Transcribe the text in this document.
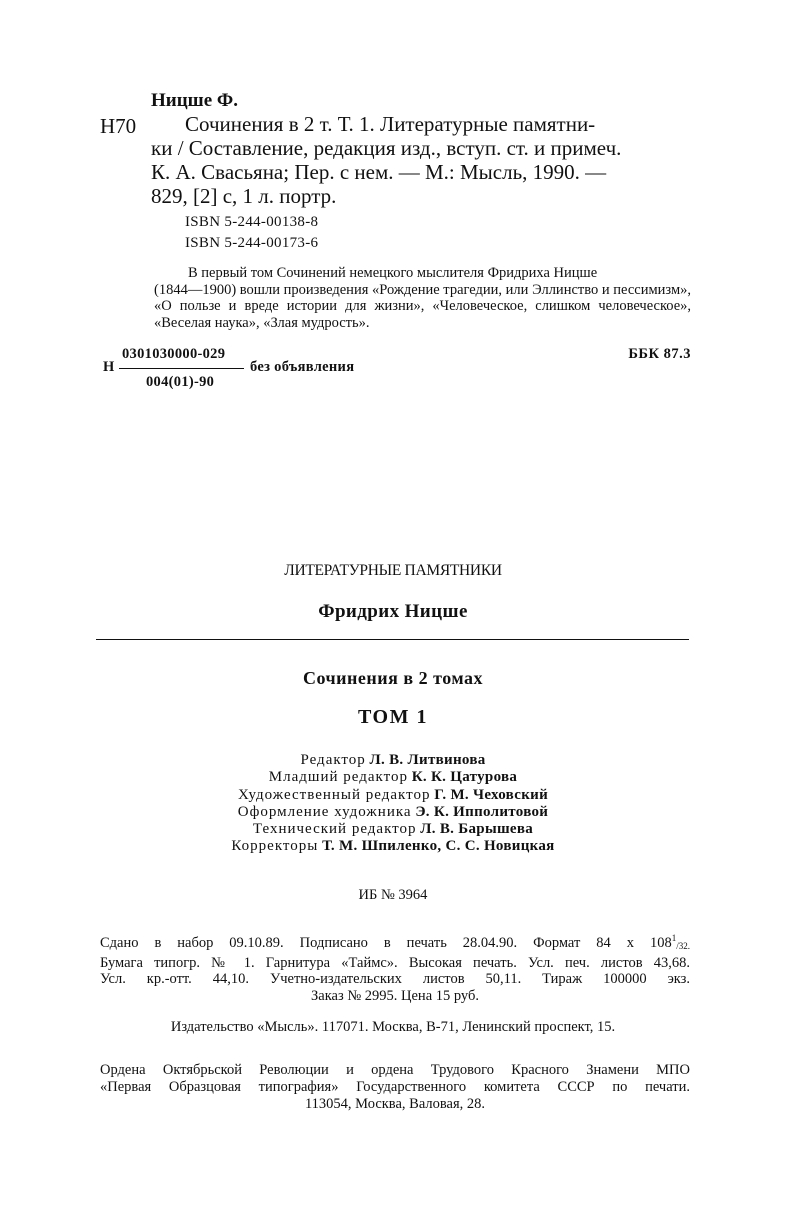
Ницше Ф.
Н70	Сочинения в 2 т. Т. 1. Литературные памятни-
ки / Составление, редакция изд., вступ. ст. и примеч.
К. А. Свасьяна; Пер. с нем. — М.: Мысль, 1990. —
829, [2] с, 1 л. портр.
ISBN 5-244-00138-8
ISBN 5-244-00173-6
В первый том Сочинений немецкого мыслителя Фридриха Ницше
(1844—1900) вошли произведения «Рождение трагедии, или Эллинство и пессимизм», «О пользе и вреде истории для жизни», «Человеческое, слишком человеческое», «Веселая наука», «Злая мудрость».
Н
0301030000-029
004(01)-90
без объявления
ББК 87.3
ЛИТЕРАТУРНЫЕ ПАМЯТНИКИ
Фридрих Ницше
Сочинения в 2 томах
ТОМ 1
Редактор Л. В. Литвинова
Младший редактор К. К. Цатурова
Художественный редактор Г. М. Чеховский
Оформление художника Э. К. Ипполитовой
Технический редактор Л. В. Барышева
Корректоры Т. М. Шпиленко, С. С. Новицкая
ИБ № 3964
Сдано в набор 09.10.89. Подписано в печать 28.04.90. Формат 84 x $108^1_{/32.}$
Бумага типогр. № 1. Гарнитура «Таймс». Высокая печать. Усл. печ. листов 43,68.
Усл. кр.-отт. 44,10. Учетно-издательских листов 50,11. Тираж 100000 экз.
Заказ № 2995. Цена 15 руб.
Издательство «Мысль». 117071. Москва, В-71, Ленинский проспект, 15.
Ордена Октябрьской Революции и ордена Трудового Красного Знамени МПО
«Первая Образцовая типография» Государственного комитета СССР по печати.
113054, Москва, Валовая, 28.
